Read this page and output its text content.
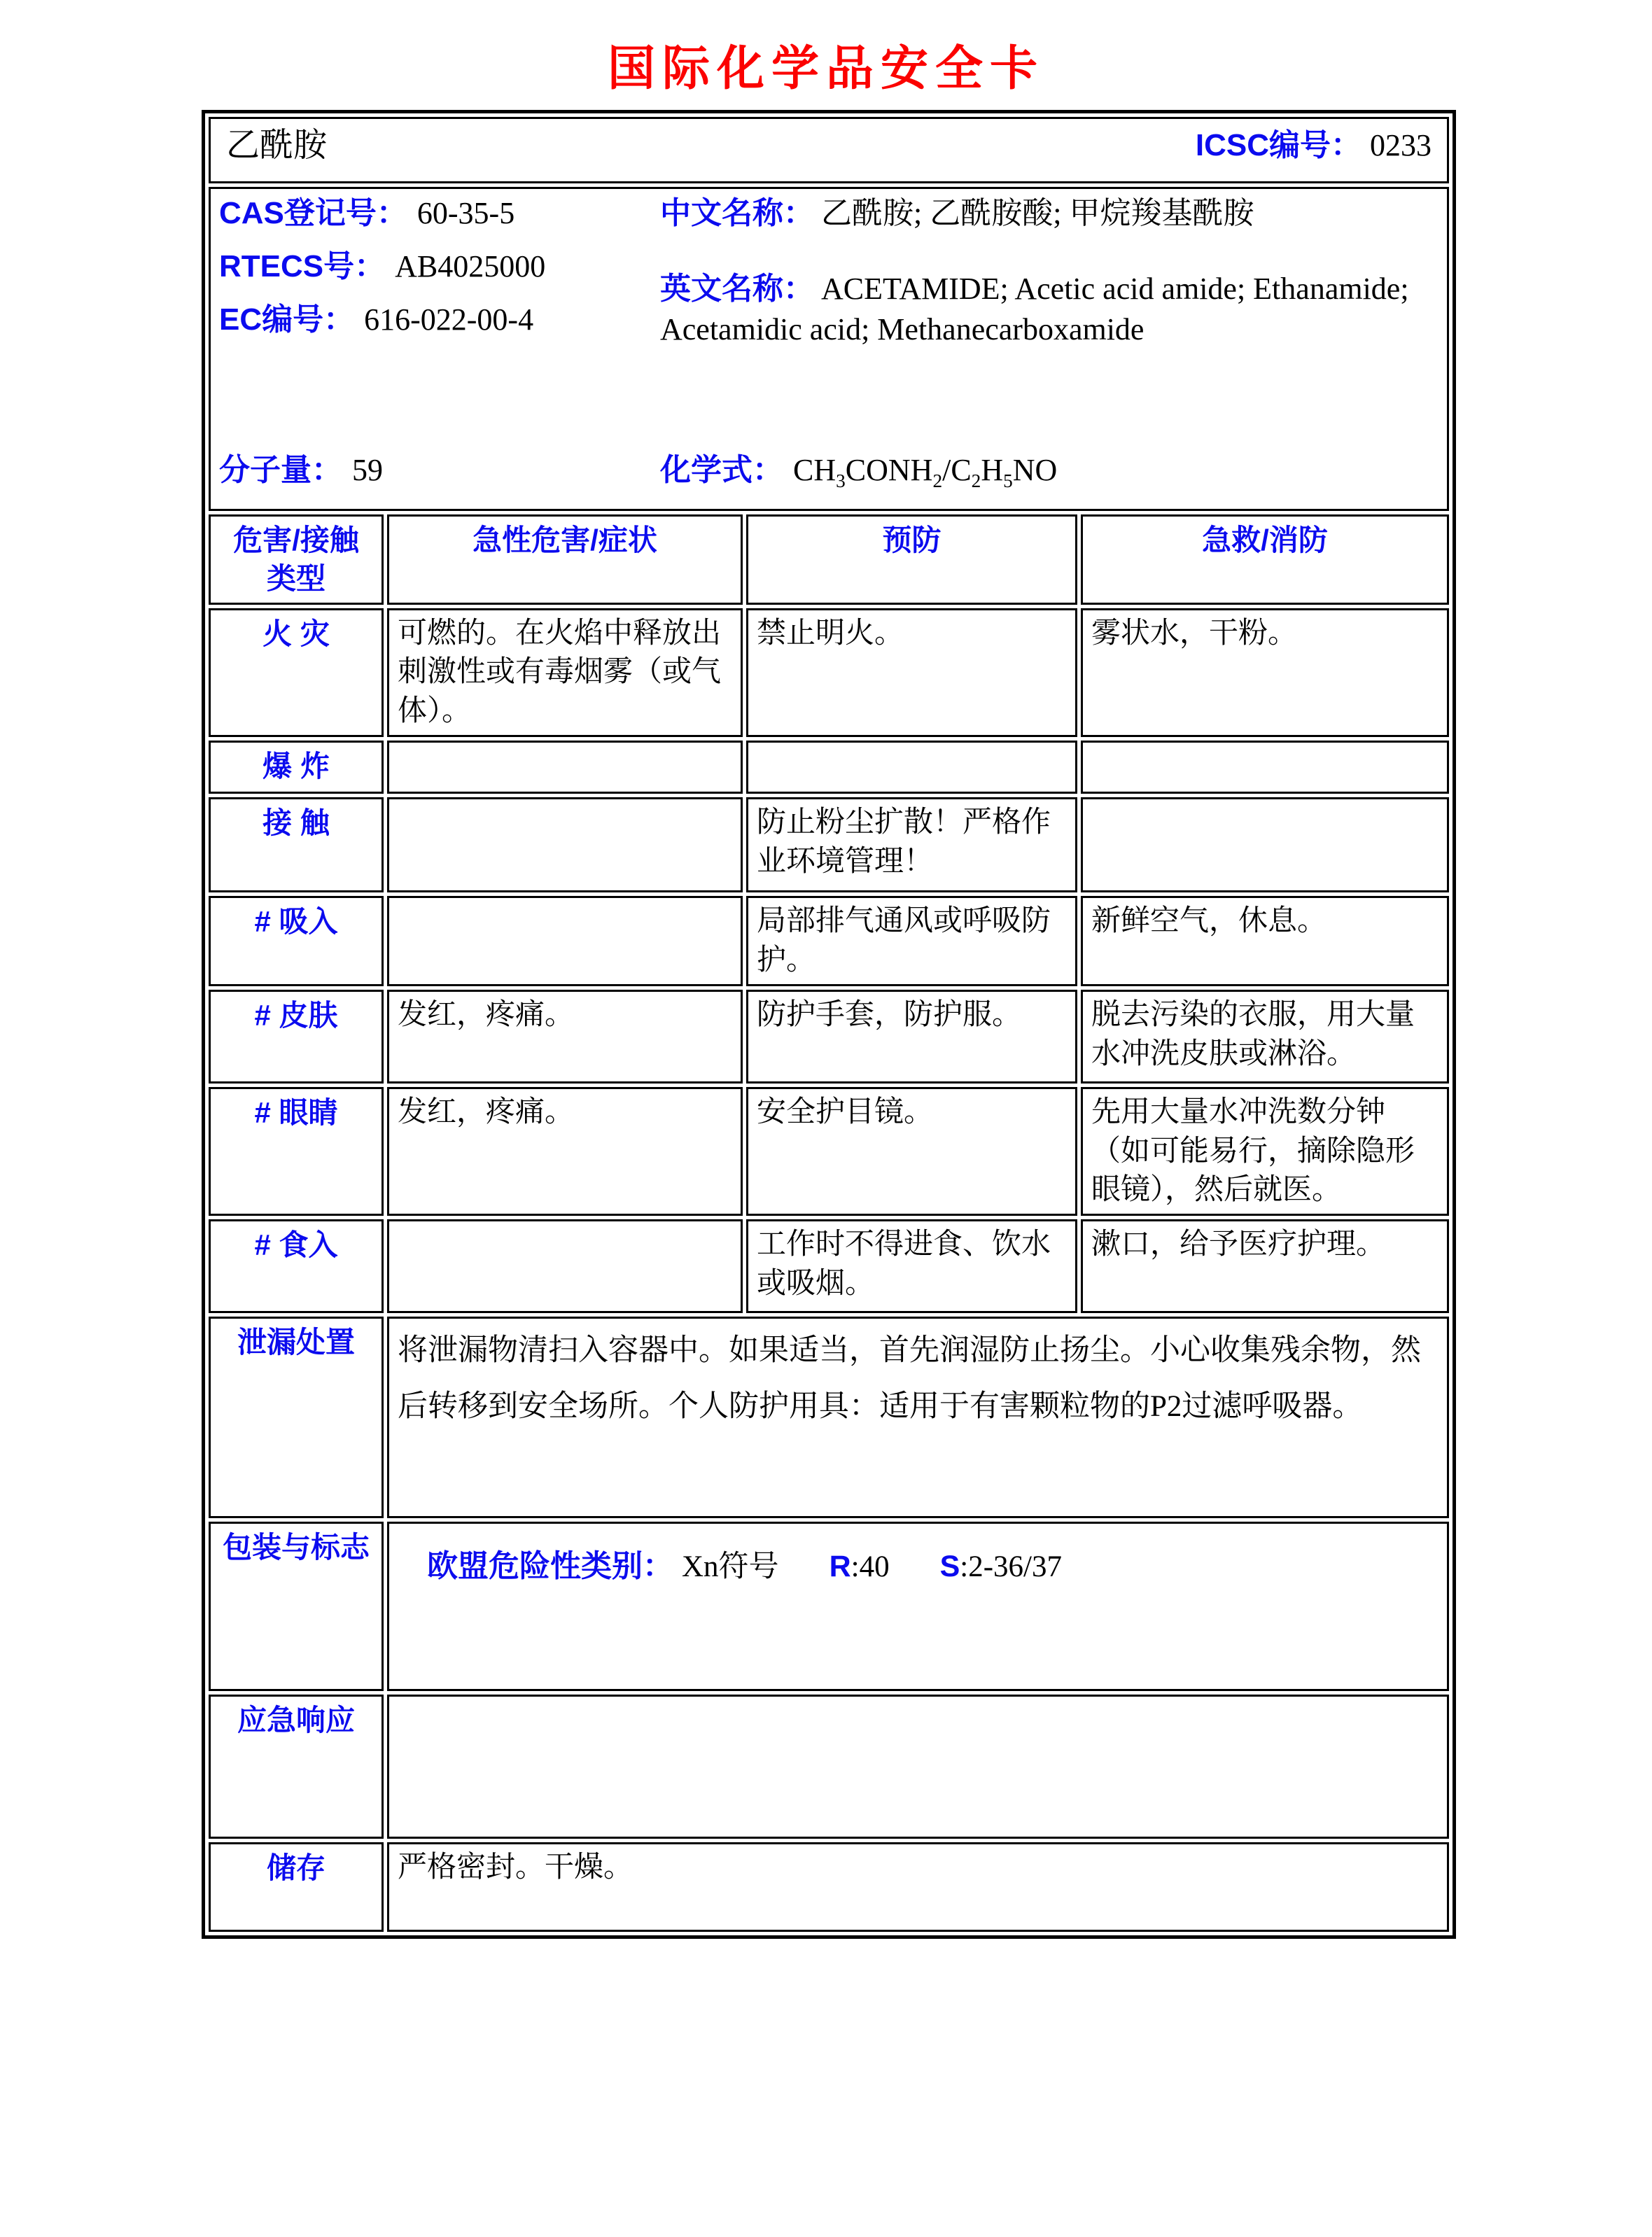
国际化学品安全卡
乙酰胺 ICSC编号： 0233			

CAS登记号： 60-35-5
RTECS号： AB4025000
EC编号： 616-022-00-4
中文名称： 乙酰胺; 乙酰胺酸; 甲烷羧基酰胺
英文名称： ACETAMIDE; Acetic acid amide; Ethanamide; Acetamidic acid; Methanecarboxamide
分子量： 59	化学式： $CH_3CONH_2/C_2H_5NO$

危害/接触
类型	急性危害/症状	预防	急救/消防
火 灾	可燃的。在火焰中释放出刺激性或有毒烟雾（或气体）。	禁止明火。	雾状水，干粉。
爆 炸			
接 触		防止粉尘扩散！严格作业环境管理！	
# 吸入		局部排气通风或呼吸防护。	新鲜空气，休息。
# 皮肤	发红，疼痛。	防护手套，防护服。	脱去污染的衣服，用大量水冲洗皮肤或淋浴。
# 眼睛	发红，疼痛。	安全护目镜。	先用大量水冲洗数分钟（如可能易行，摘除隐形眼镜），然后就医。
# 食入		工作时不得进食、饮水或吸烟。	漱口，给予医疗护理。
泄漏处置	将泄漏物清扫入容器中。如果适当，首先润湿防止扬尘。小心收集残余物，然后转移到安全场所。个人防护用具：适用于有害颗粒物的P2过滤呼吸器。		

包装与标志	欧盟危险性类别： Xn符号 R:40 S:2-36/37		

应急响应			
储存	严格密封。干燥。		
